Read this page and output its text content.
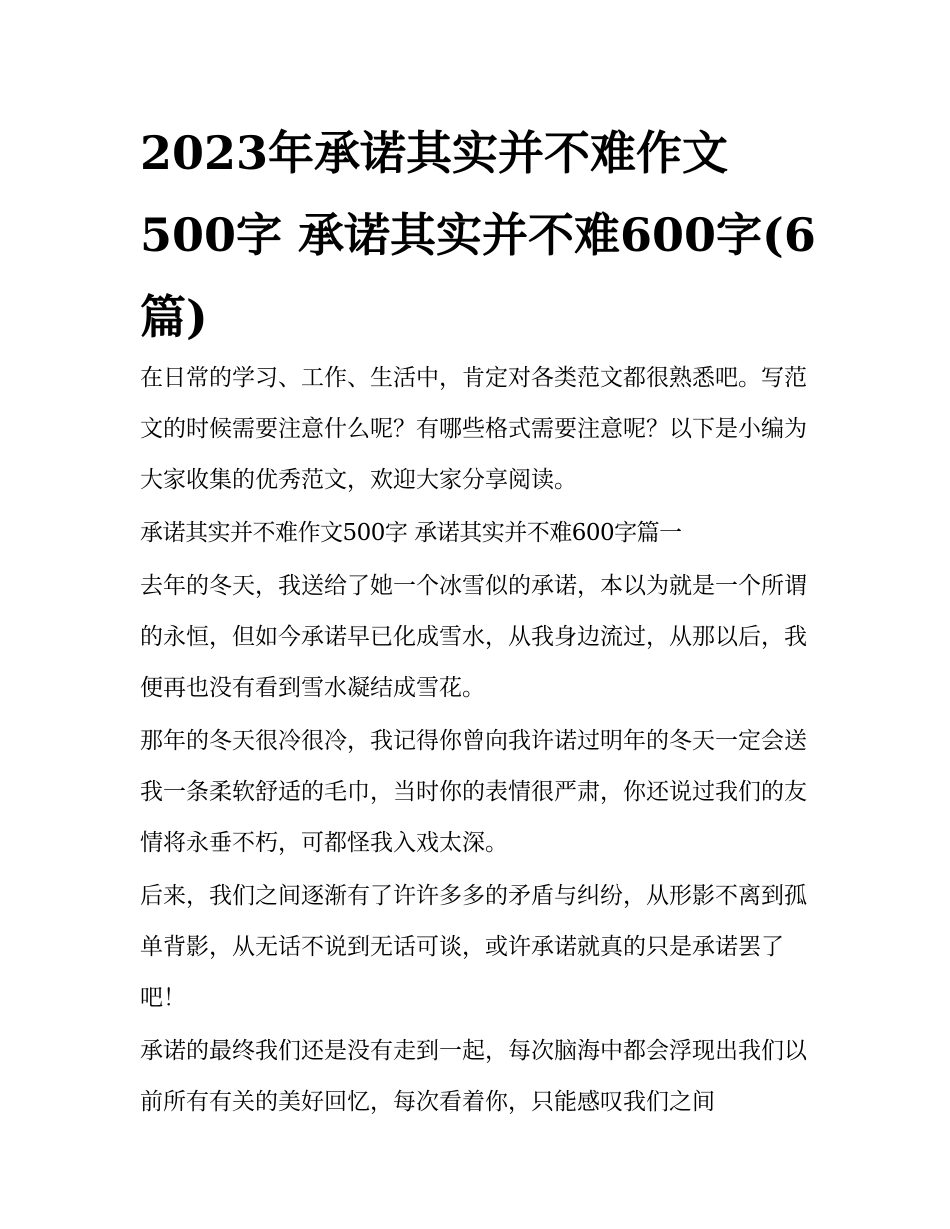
2023年承诺其实并不难作文500字 承诺其实并不难600字(6篇)

在日常的学习、工作、生活中，肯定对各类范文都很熟悉吧。写范文的时候需要注意什么呢？有哪些格式需要注意呢？以下是小编为大家收集的优秀范文，欢迎大家分享阅读。

承诺其实并不难作文500字 承诺其实并不难600字篇一

去年的冬天，我送给了她一个冰雪似的承诺，本以为就是一个所谓的永恒，但如今承诺早已化成雪水，从我身边流过，从那以后，我便再也没有看到雪水凝结成雪花。

那年的冬天很冷很冷，我记得你曾向我许诺过明年的冬天一定会送我一条柔软舒适的毛巾，当时你的表情很严肃，你还说过我们的友情将永垂不朽，可都怪我入戏太深。

后来，我们之间逐渐有了许许多多的矛盾与纠纷，从形影不离到孤单背影，从无话不说到无话可谈，或许承诺就真的只是承诺罢了吧！

承诺的最终我们还是没有走到一起，每次脑海中都会浮现出我们以前所有有关的美好回忆，每次看着你，只能感叹我们之间
